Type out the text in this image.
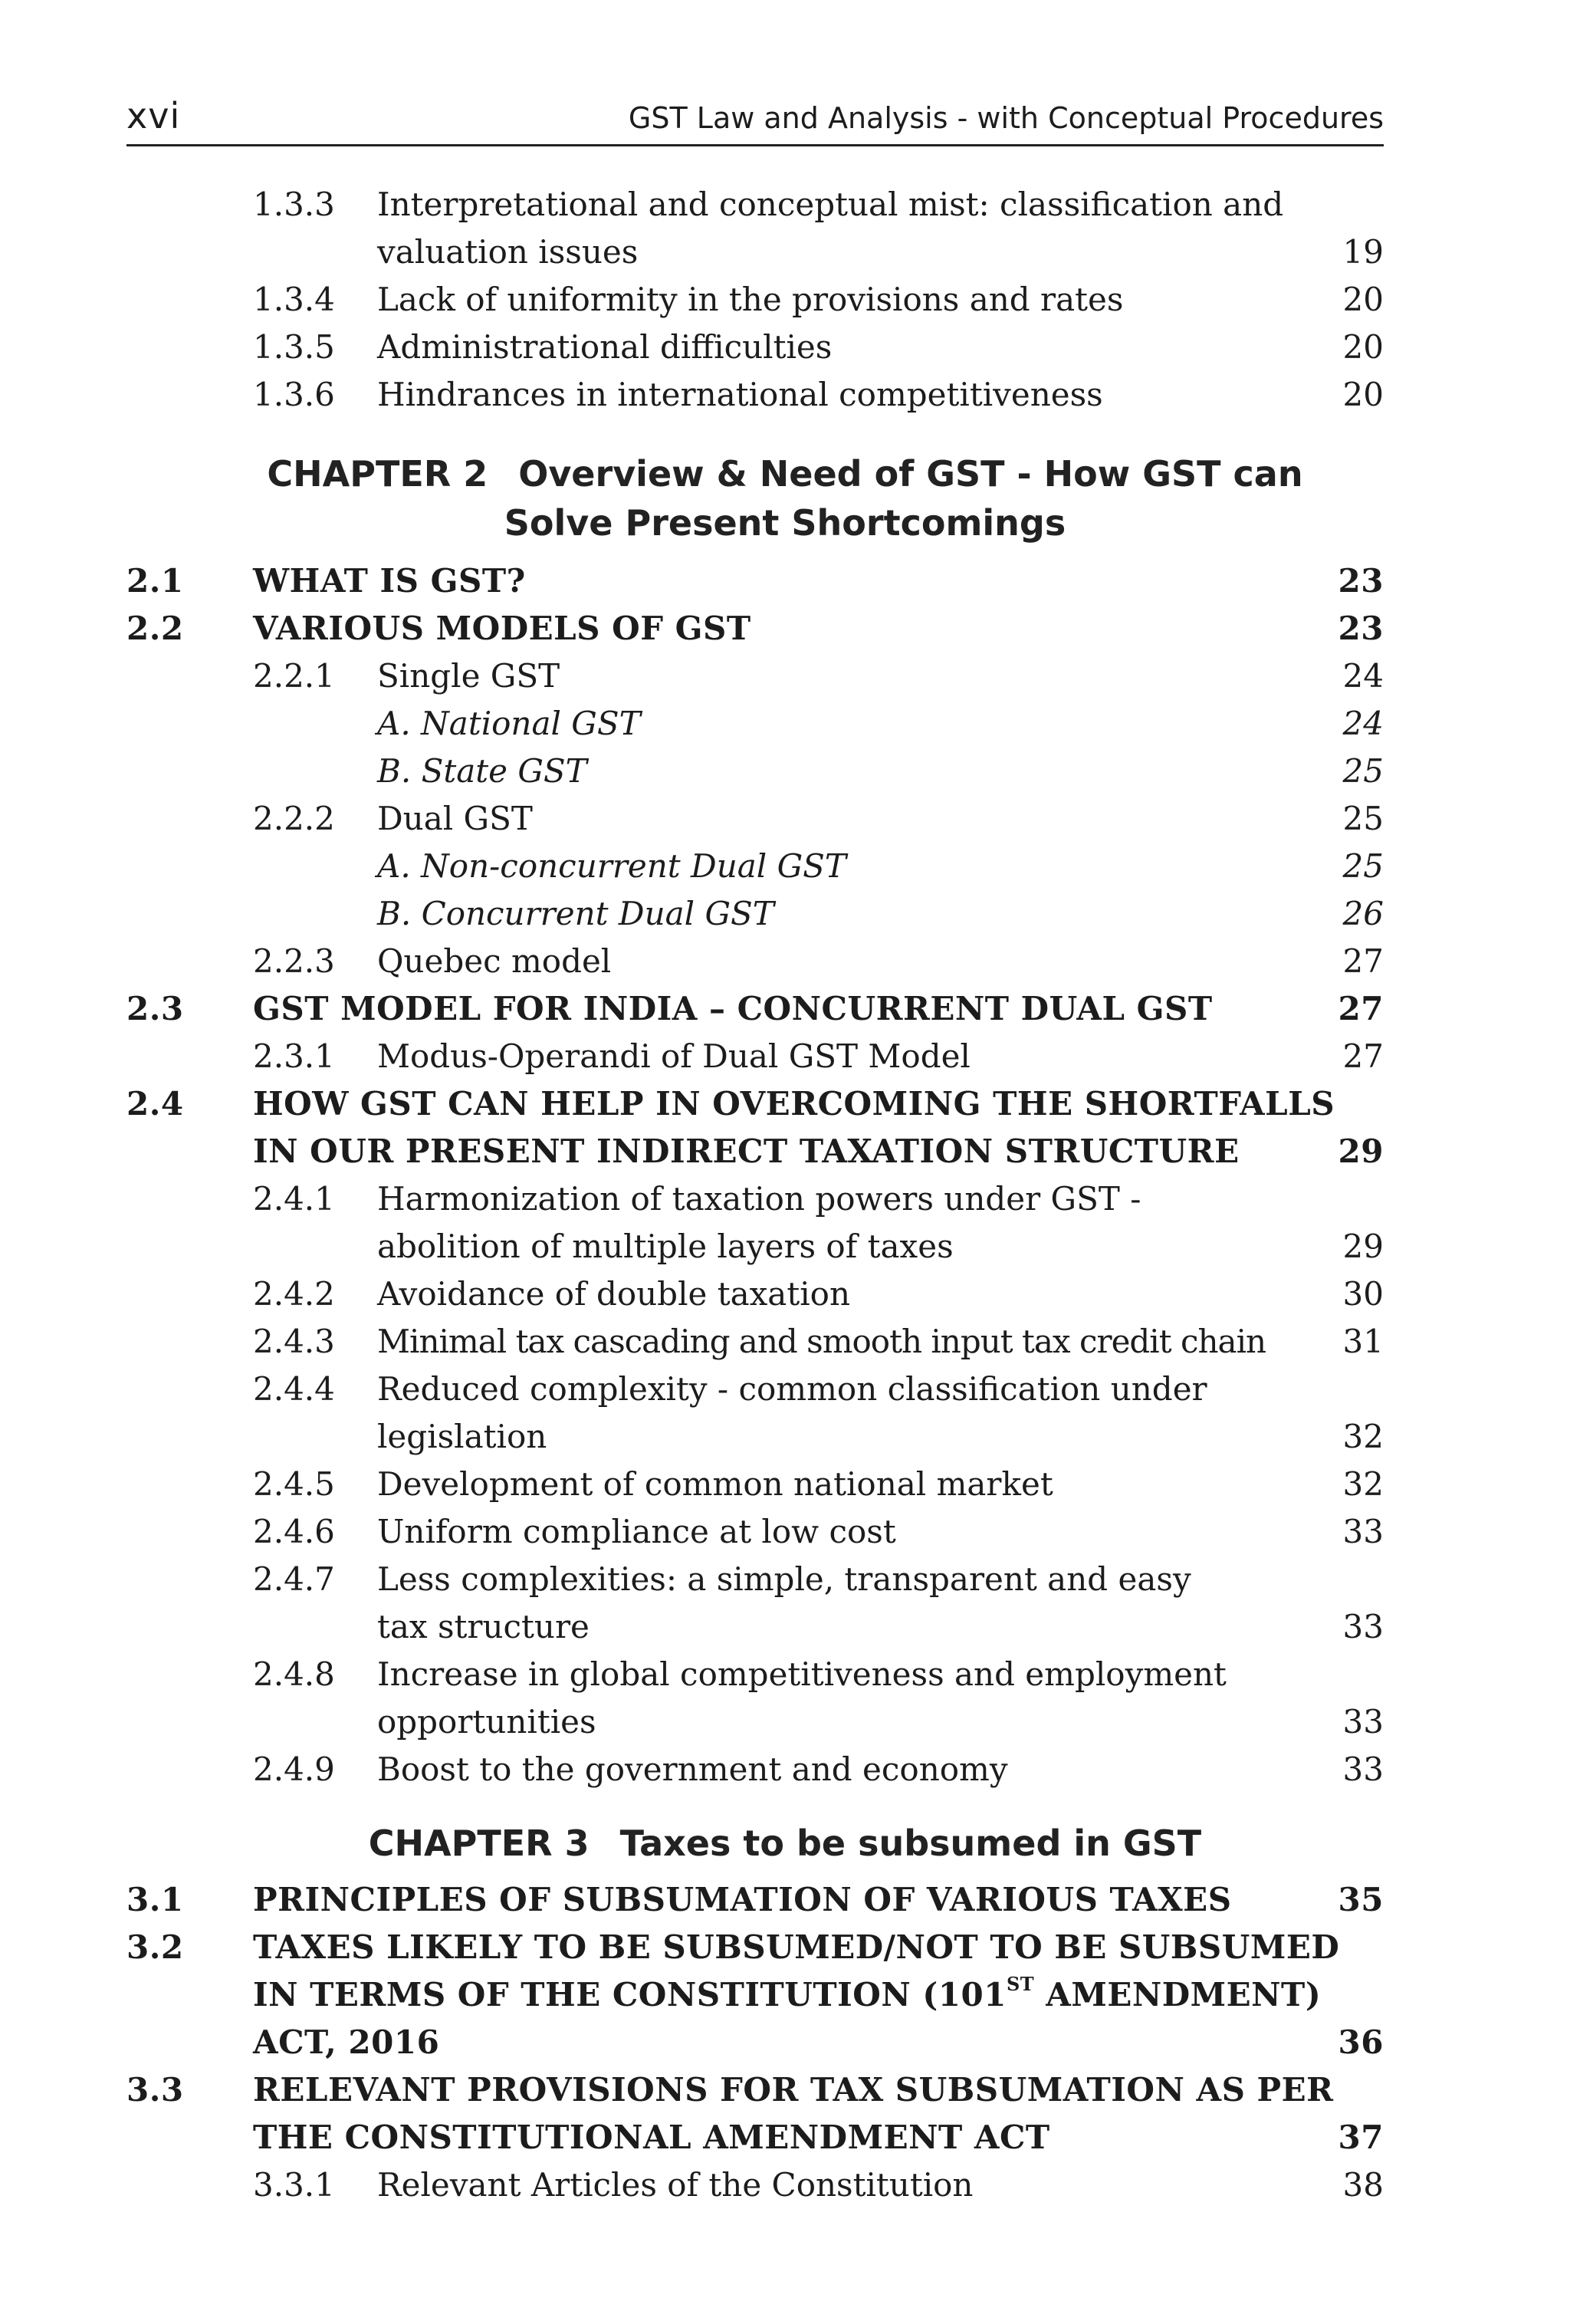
xvi	GST Law and Analysis - with Conceptual Procedures
1.3.3 Interpretational and conceptual mist: classification and
valuation issues	19
1.3.4 Lack of uniformity in the provisions and rates	20
1.3.5 Administrational difficulties	20
1.3.6 Hindrances in international competitiveness	20
CHAPTER 2 Overview & Need of GST - How GST can
Solve Present Shortcomings
2.1 WHAT IS GST?	23
2.2 VARIOUS MODELS OF GST	23
2.2.1 Single GST	24
A. National GST	24
B. State GST	25
2.2.2 Dual GST	25
A. Non-concurrent Dual GST	25
B. Concurrent Dual GST	26
2.2.3 Quebec model	27
2.3 GST MODEL FOR INDIA – CONCURRENT DUAL GST	27
2.3.1 Modus-Operandi of Dual GST Model	27
2.4 HOW GST CAN HELP IN OVERCOMING THE SHORTFALLS
IN OUR PRESENT INDIRECT TAXATION STRUCTURE	29
2.4.1 Harmonization of taxation powers under GST -
abolition of multiple layers of taxes	29
2.4.2 Avoidance of double taxation	30
2.4.3 Minimal tax cascading and smooth input tax credit chain 31
2.4.4 Reduced complexity - common classification under
legislation	32
2.4.5 Development of common national market	32
2.4.6 Uniform compliance at low cost	33
2.4.7 Less complexities: a simple, transparent and easy
tax structure	33
2.4.8 Increase in global competitiveness and employment
opportunities	33
2.4.9 Boost to the government and economy	33
CHAPTER 3 Taxes to be subsumed in GST
3.1 PRINCIPLES OF SUBSUMATION OF VARIOUS TAXES	35
3.2 TAXES LIKELY TO BE SUBSUMED/NOT TO BE SUBSUMED
IN TERMS OF THE CONSTITUTION (101ST AMENDMENT)
ACT, 2016	36
3.3 RELEVANT PROVISIONS FOR TAX SUBSUMATION AS PER
THE CONSTITUTIONAL AMENDMENT ACT	37
3.3.1 Relevant Articles of the Constitution	38
